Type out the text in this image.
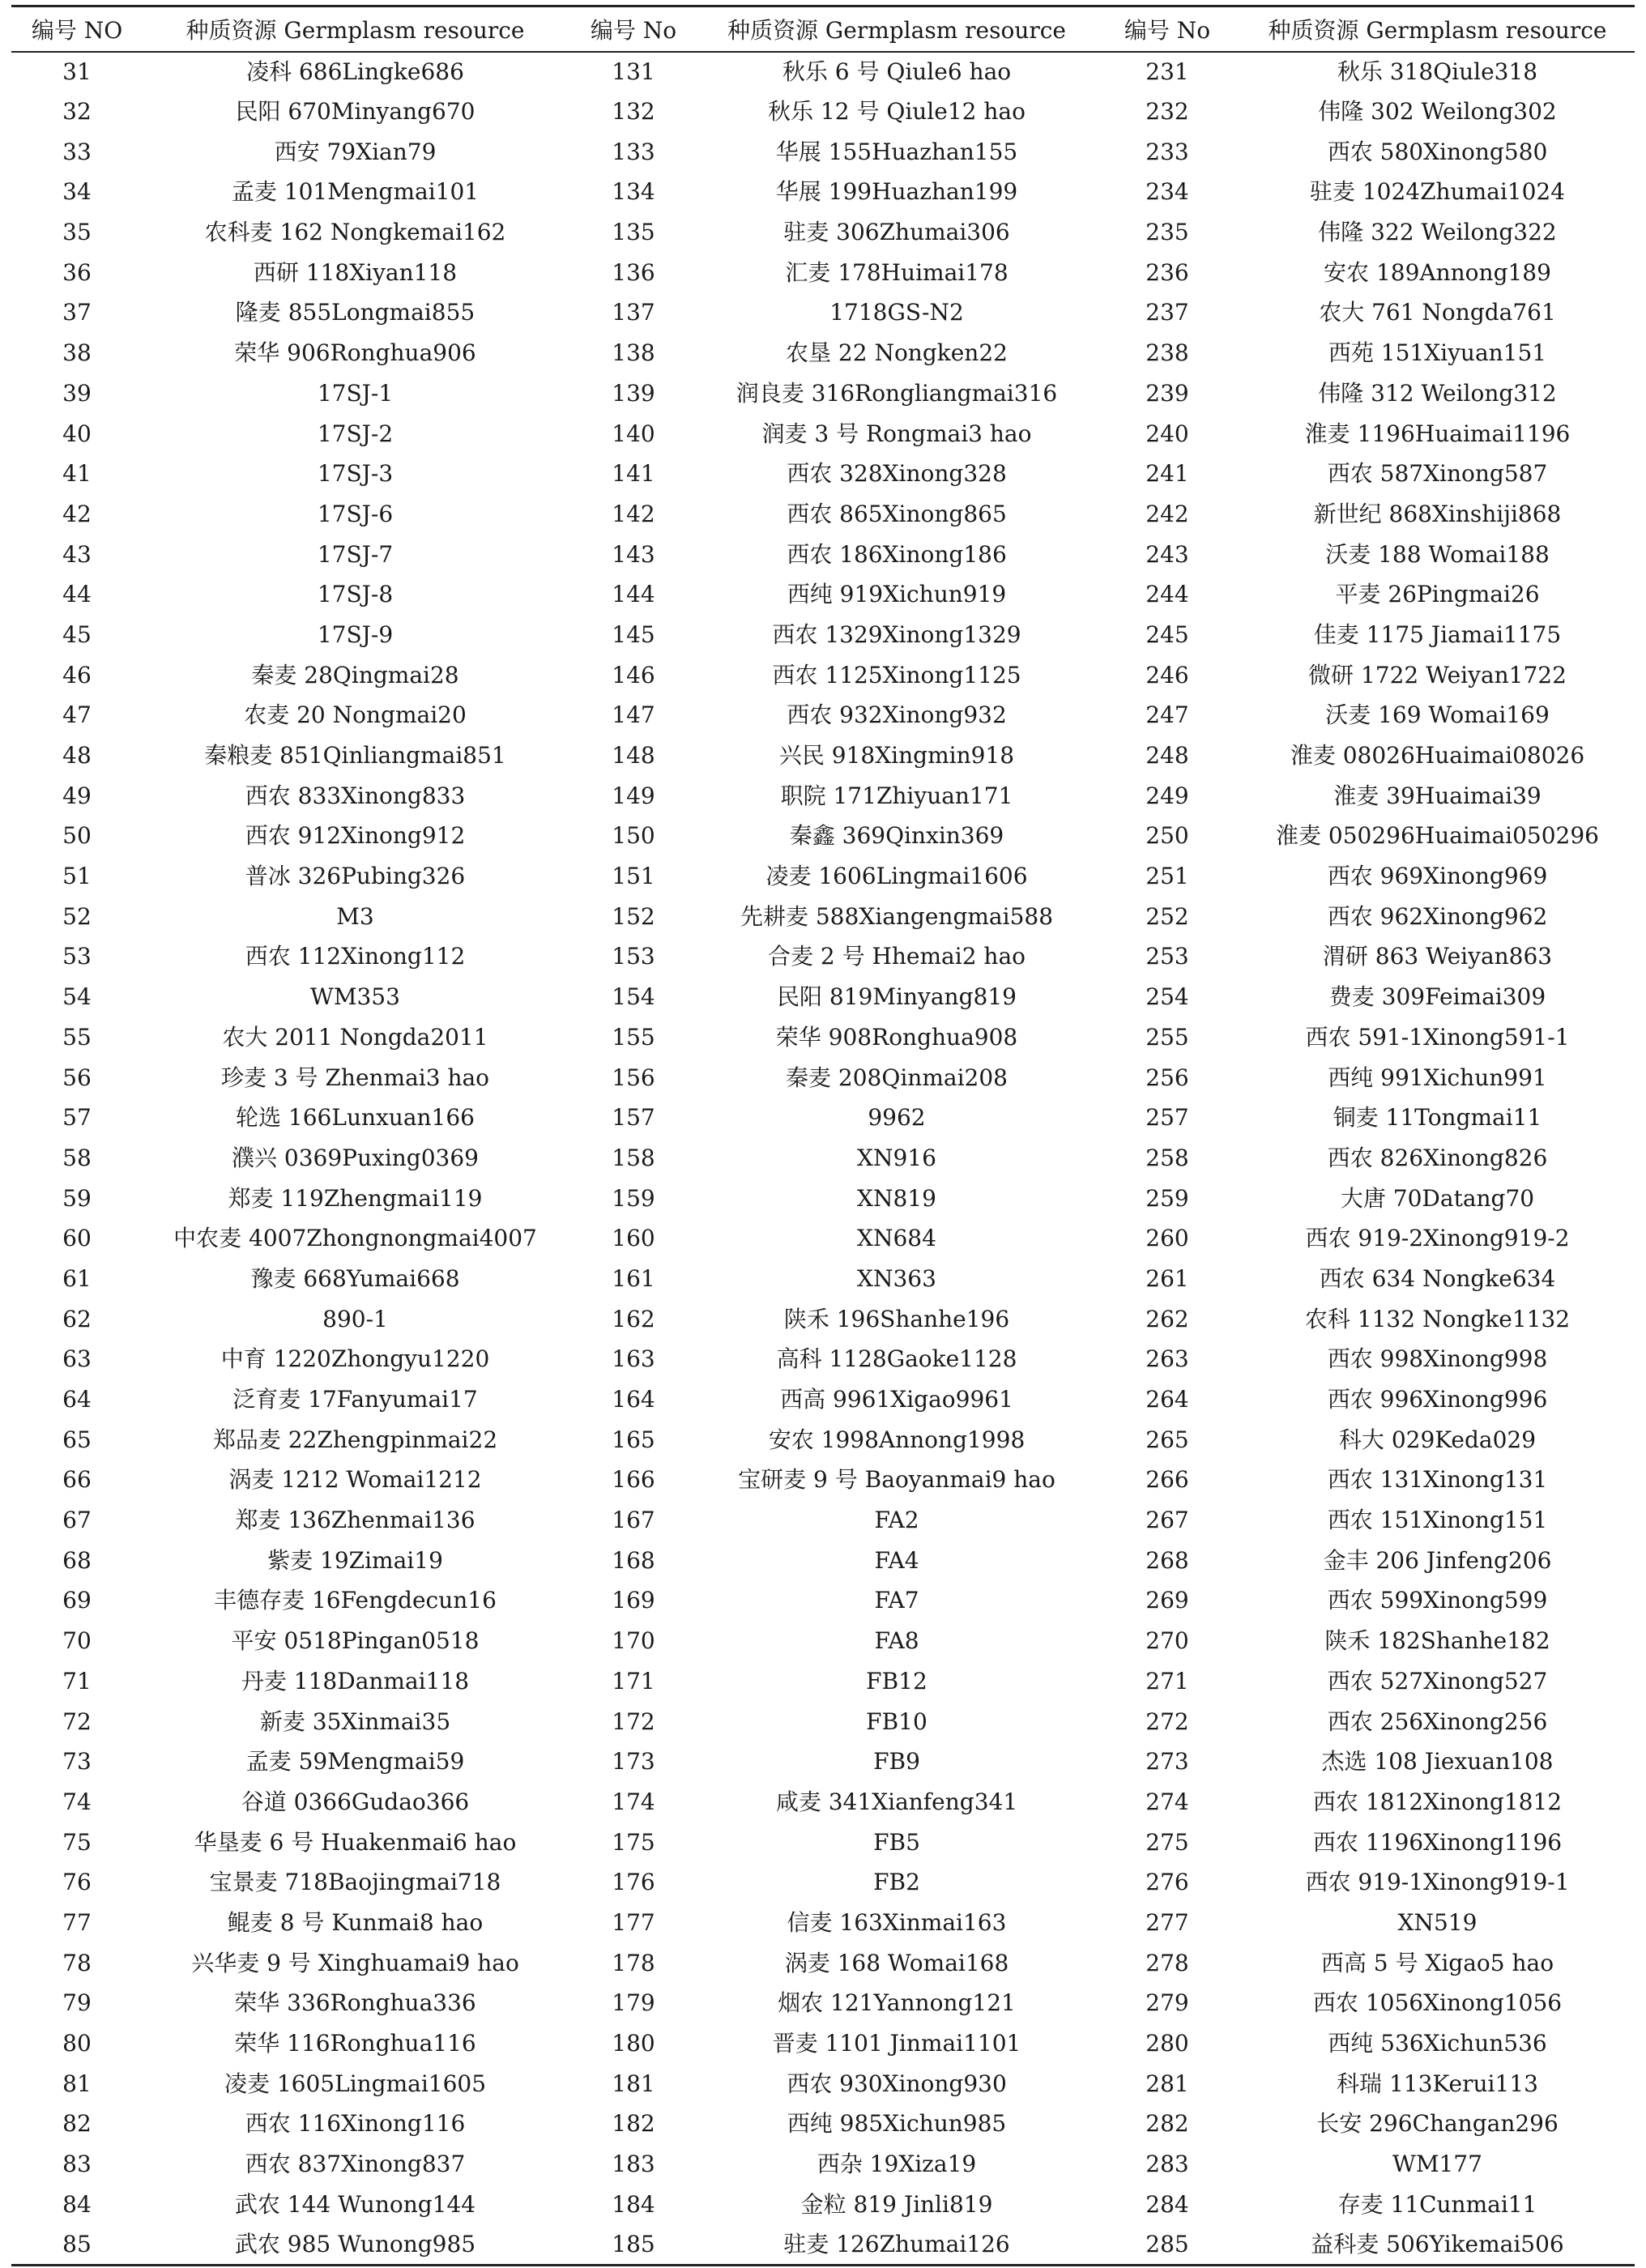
编号 NO	种质资源 Germplasm resource	编号 No	种质资源 Germplasm resource	编号 No	种质资源 Germplasm resource
31	凌科 686Lingke686	131	秋乐 6 号 Qiule6 hao	231	秋乐 318Qiule318
32	民阳 670Minyang670	132	秋乐 12 号 Qiule12 hao	232	伟隆 302 Weilong302
33	西安 79Xian79	133	华展 155Huazhan155	233	西农 580Xinong580
34	孟麦 101Mengmai101	134	华展 199Huazhan199	234	驻麦 1024Zhumai1024
35	农科麦 162 Nongkemai162	135	驻麦 306Zhumai306	235	伟隆 322 Weilong322
36	西研 118Xiyan118	136	汇麦 178Huimai178	236	安农 189Annong189
37	隆麦 855Longmai855	137	1718GS-N2	237	农大 761 Nongda761
38	荣华 906Ronghua906	138	农垦 22 Nongken22	238	西苑 151Xiyuan151
39	17SJ-1	139	润良麦 316Rongliangmai316	239	伟隆 312 Weilong312
40	17SJ-2	140	润麦 3 号 Rongmai3 hao	240	淮麦 1196Huaimai1196
41	17SJ-3	141	西农 328Xinong328	241	西农 587Xinong587
42	17SJ-6	142	西农 865Xinong865	242	新世纪 868Xinshiji868
43	17SJ-7	143	西农 186Xinong186	243	沃麦 188 Womai188
44	17SJ-8	144	西纯 919Xichun919	244	平麦 26Pingmai26
45	17SJ-9	145	西农 1329Xinong1329	245	佳麦 1175 Jiamai1175
46	秦麦 28Qingmai28	146	西农 1125Xinong1125	246	微研 1722 Weiyan1722
47	农麦 20 Nongmai20	147	西农 932Xinong932	247	沃麦 169 Womai169
48	秦粮麦 851Qinliangmai851	148	兴民 918Xingmin918	248	淮麦 08026Huaimai08026
49	西农 833Xinong833	149	职院 171Zhiyuan171	249	淮麦 39Huaimai39
50	西农 912Xinong912	150	秦鑫 369Qinxin369	250	淮麦 050296Huaimai050296
51	普冰 326Pubing326	151	凌麦 1606Lingmai1606	251	西农 969Xinong969
52	M3	152	先耕麦 588Xiangengmai588	252	西农 962Xinong962
53	西农 112Xinong112	153	合麦 2 号 Hhemai2 hao	253	渭研 863 Weiyan863
54	WM353	154	民阳 819Minyang819	254	费麦 309Feimai309
55	农大 2011 Nongda2011	155	荣华 908Ronghua908	255	西农 591-1Xinong591-1
56	珍麦 3 号 Zhenmai3 hao	156	秦麦 208Qinmai208	256	西纯 991Xichun991
57	轮选 166Lunxuan166	157	9962	257	铜麦 11Tongmai11
58	濮兴 0369Puxing0369	158	XN916	258	西农 826Xinong826
59	郑麦 119Zhengmai119	159	XN819	259	大唐 70Datang70
60	中农麦 4007Zhongnongmai4007	160	XN684	260	西农 919-2Xinong919-2
61	豫麦 668Yumai668	161	XN363	261	西农 634 Nongke634
62	890-1	162	陕禾 196Shanhe196	262	农科 1132 Nongke1132
63	中育 1220Zhongyu1220	163	高科 1128Gaoke1128	263	西农 998Xinong998
64	泛育麦 17Fanyumai17	164	西高 9961Xigao9961	264	西农 996Xinong996
65	郑品麦 22Zhengpinmai22	165	安农 1998Annong1998	265	科大 029Keda029
66	涡麦 1212 Womai1212	166	宝研麦 9 号 Baoyanmai9 hao	266	西农 131Xinong131
67	郑麦 136Zhenmai136	167	FA2	267	西农 151Xinong151
68	紫麦 19Zimai19	168	FA4	268	金丰 206 Jinfeng206
69	丰德存麦 16Fengdecun16	169	FA7	269	西农 599Xinong599
70	平安 0518Pingan0518	170	FA8	270	陕禾 182Shanhe182
71	丹麦 118Danmai118	171	FB12	271	西农 527Xinong527
72	新麦 35Xinmai35	172	FB10	272	西农 256Xinong256
73	孟麦 59Mengmai59	173	FB9	273	杰选 108 Jiexuan108
74	谷道 0366Gudao366	174	咸麦 341Xianfeng341	274	西农 1812Xinong1812
75	华垦麦 6 号 Huakenmai6 hao	175	FB5	275	西农 1196Xinong1196
76	宝景麦 718Baojingmai718	176	FB2	276	西农 919-1Xinong919-1
77	鲲麦 8 号 Kunmai8 hao	177	信麦 163Xinmai163	277	XN519
78	兴华麦 9 号 Xinghuamai9 hao	178	涡麦 168 Womai168	278	西高 5 号 Xigao5 hao
79	荣华 336Ronghua336	179	烟农 121Yannong121	279	西农 1056Xinong1056
80	荣华 116Ronghua116	180	晋麦 1101 Jinmai1101	280	西纯 536Xichun536
81	凌麦 1605Lingmai1605	181	西农 930Xinong930	281	科瑞 113Kerui113
82	西农 116Xinong116	182	西纯 985Xichun985	282	长安 296Changan296
83	西农 837Xinong837	183	西杂 19Xiza19	283	WM177
84	武农 144 Wunong144	184	金粒 819 Jinli819	284	存麦 11Cunmai11
85	武农 985 Wunong985	185	驻麦 126Zhumai126	285	益科麦 506Yikemai506
